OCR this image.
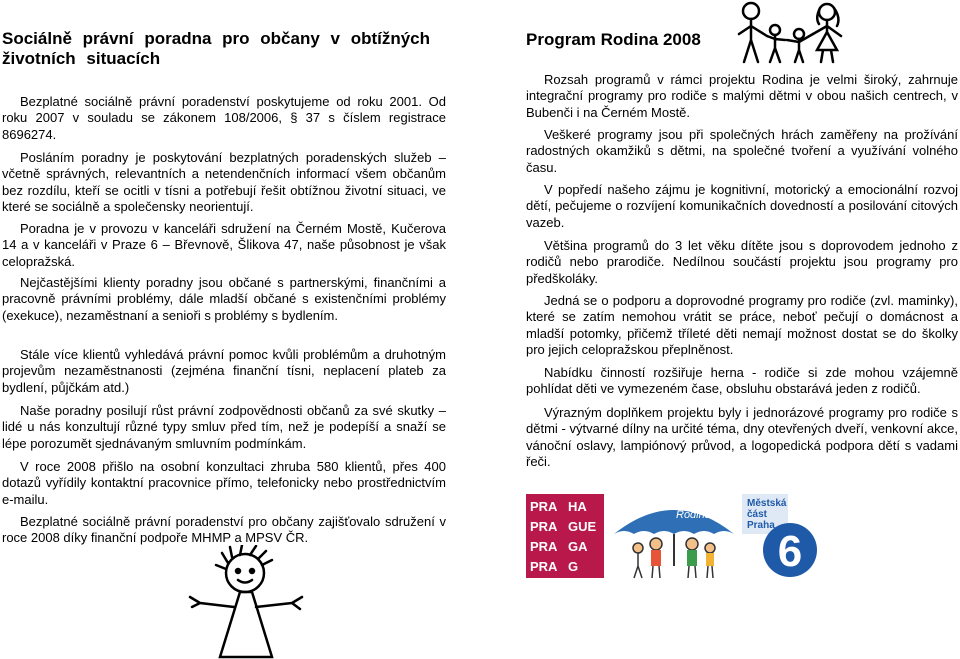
Sociálně právní poradna pro občany v obtížných životních situacích

Bezplatné sociálně právní poradenství poskytujeme od roku 2001. Od roku 2007 v souladu se zákonem 108/2006, § 37 s číslem registrace 8696274.

Posláním poradny je poskytování bezplatných poradenských služeb – včetně správných, relevantních a netendenčních informací všem občanům bez rozdílu, kteří se ocitli v tísni a potřebují řešit obtížnou životní situaci, ve které se sociálně a společensky neorientují.

Poradna je v provozu v kanceláři sdružení na Černém Mostě, Kučerova 14 a v kanceláři v Praze 6 – Břevnově, Šlikova 47, naše působnost je však celopražská.

Nejčastějšími klienty poradny jsou občané s partnerskými, finančními a pracovně právními problémy, dále mladší občané s existenčními problémy (exekuce), nezaměstnaní a senioři s problémy s bydlením.

Stále více klientů vyhledává právní pomoc kvůli problémům a druhotným projevům nezaměstnanosti (zejména finanční tísni, neplacení plateb za bydlení, půjčkám atd.)

Naše poradny posilují růst právní zodpovědnosti občanů za své skutky – lidé u nás konzultují různé typy smluv před tím, než je podepíší a snaží se lépe porozumět sjednávaným smluvním podmínkám.

V roce 2008 přišlo na osobní konzultaci zhruba 580 klientů, přes 400 dotazů vyřídily kontaktní pracovnice přímo, telefonicky nebo prostřednictvím e-mailu.

Bezplatné sociálně právní poradenství pro občany zajišťovalo sdružení v roce 2008 díky finanční podpoře MHMP a MPSV ČR.

Program Rodina 2008

Rozsah programů v rámci projektu Rodina je velmi široký, zahrnuje integrační programy pro rodiče s malými dětmi v obou našich centrech, v Bubenči i na Černém Mostě.

Veškeré programy jsou při společných hrách zaměřeny na prožívání radostných okamžiků s dětmi, na společné tvoření a využívání volného času.

V popředí našeho zájmu je kognitivní, motorický a emocionální rozvoj dětí, pečujeme o rozvíjení komunikačních dovedností a posilování citových vazeb.

Většina programů do 3 let věku dítěte jsou s doprovodem jednoho z rodičů nebo prarodiče. Nedílnou součástí projektu jsou programy pro předškoláky.

Jedná se o podporu a doprovodné programy pro rodiče (zvl. maminky), které se zatím nemohou vrátit se práce, neboť pečují o domácnost a mladší potomky, přičemž tříleté děti nemají možnost dostat se do školky pro jejich celopražskou přeplněnost.

Nabídku činností rozšiřuje herna - rodiče si zde mohou vzájemně pohlídat děti ve vymezeném čase, obsluhu obstarává jeden z rodičů.

Výrazným doplňkem projektu byly i jednorázové programy pro rodiče s dětmi - výtvarné dílny na určité téma, dny otevřených dveří, venkovní akce, vánoční oslavy, lampiónový průvod, a logopedická podpora dětí s vadami řeči.

PRA HA
PRA GUE
PRA GA
PRA G
Rodina
Městská
část
Praha
6
